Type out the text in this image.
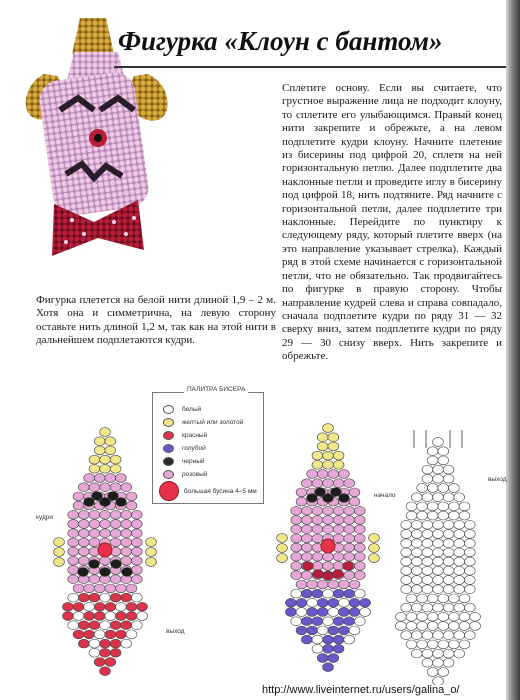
Фигурка «Клоун с бантом»
Сплетите основу. Если вы считаете, что грустное выражение лица не подходит клоуну, то сплетите его улыбающимся. Правый конец нити закрепите и обрежьте, а на левом подплетите кудри клоуну. Начните плетение из бисерины под цифрой 20, сплетя на ней горизонтальную петлю. Далее подплетите два наклонные петли и проведите иглу в бисерину под цифрой 18, нить подтяните. Ряд начните с горизонтальной петли, далее подплетите три наклонные. Перейдите по пунктиру к следующему ряду, который плетите вверх (на это направление указывает стрелка). Каждый ряд в этой схеме начинается с горизонтальной петли, что не обязательно. Так продвигайтесь по фигурке в правую сторону. Чтобы направление кудрей слева и справа совпадало, сначала подплетите кудри по ряду 31 — 32 сверху вниз, затем подплетите кудри по ряду 29 — 30 снизу вверх. Нить закрепите и обрежьте.
Фигурка плетется на белой нити длиной 1,9 – 2 м. Хотя она и симметрична, на левую сторону оставьте нить длиной 1,2 м, так как на этой нити в дальнейшем подплетаются кудри.
белый
желтый или золотой
красный
голубой
черный
розовый
большая бусина 4–5 мм
ПАЛИТРА БИСЕРА
кудри
выход
начало
выход
http://www.liveinternet.ru/users/galina_o/
